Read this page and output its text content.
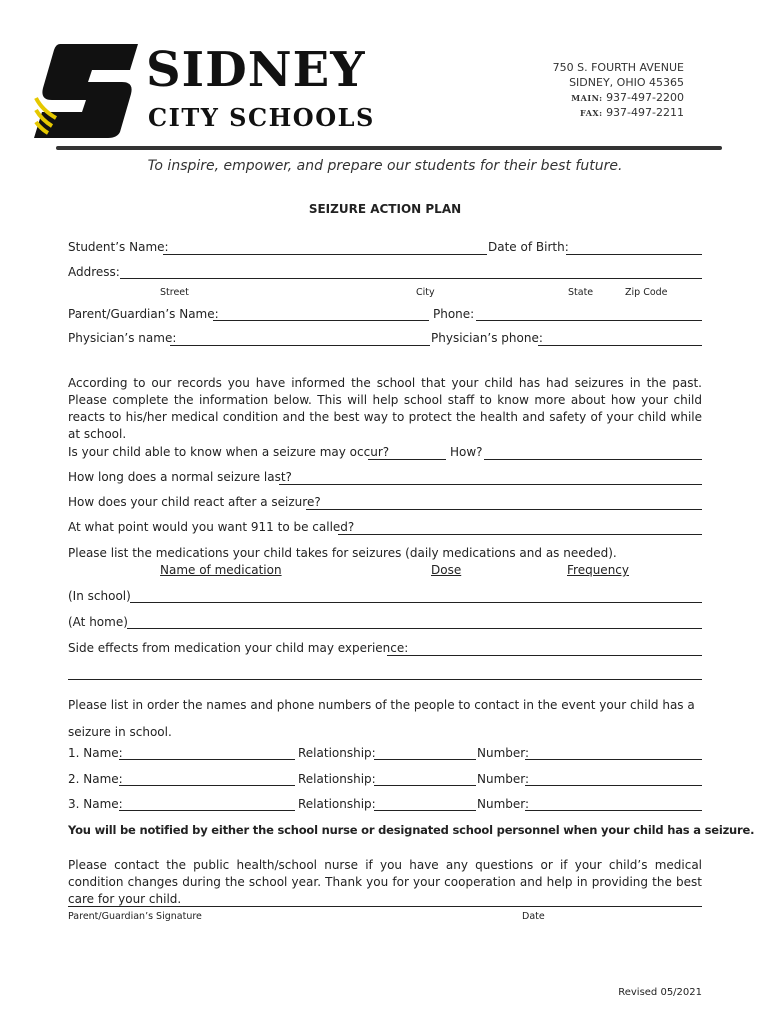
SIDNEY
CITY SCHOOLS
750 S. FOURTH AVENUE
SIDNEY, OHIO 45365
MAIN: 937-497-2200
FAX: 937-497-2211
To inspire, empower, and prepare our students for their best future.
SEIZURE ACTION PLAN
Student’s Name:	Date of Birth:
Address:
Street	City	State	Zip Code
Parent/Guardian’s Name:	Phone:
Physician’s name:	Physician’s phone:
According to our records you have informed the school that your child has had seizures in the past. Please complete the information below. This will help school staff to know more about how your child reacts to his/her medical condition and the best way to protect the health and safety of your child while at school.
Is your child able to know when a seizure may occur?	How?
How long does a normal seizure last?
How does your child react after a seizure?
At what point would you want 911 to be called?
Please list the medications your child takes for seizures (daily medications and as needed).
Name of medication	Dose	Frequency
(In school)
(At home)
Side effects from medication your child may experience:
Please list in order the names and phone numbers of the people to contact in the event your child has a seizure in school.
1. Name:	Relationship:	Number:
2. Name:	Relationship:	Number:
3. Name:	Relationship:	Number:
You will be notified by either the school nurse or designated school personnel when your child has a seizure.
Please contact the public health/school nurse if you have any questions or if your child’s medical condition changes during the school year. Thank you for your cooperation and help in providing the best care for your child.
Parent/Guardian’s Signature	Date
Revised 05/2021
